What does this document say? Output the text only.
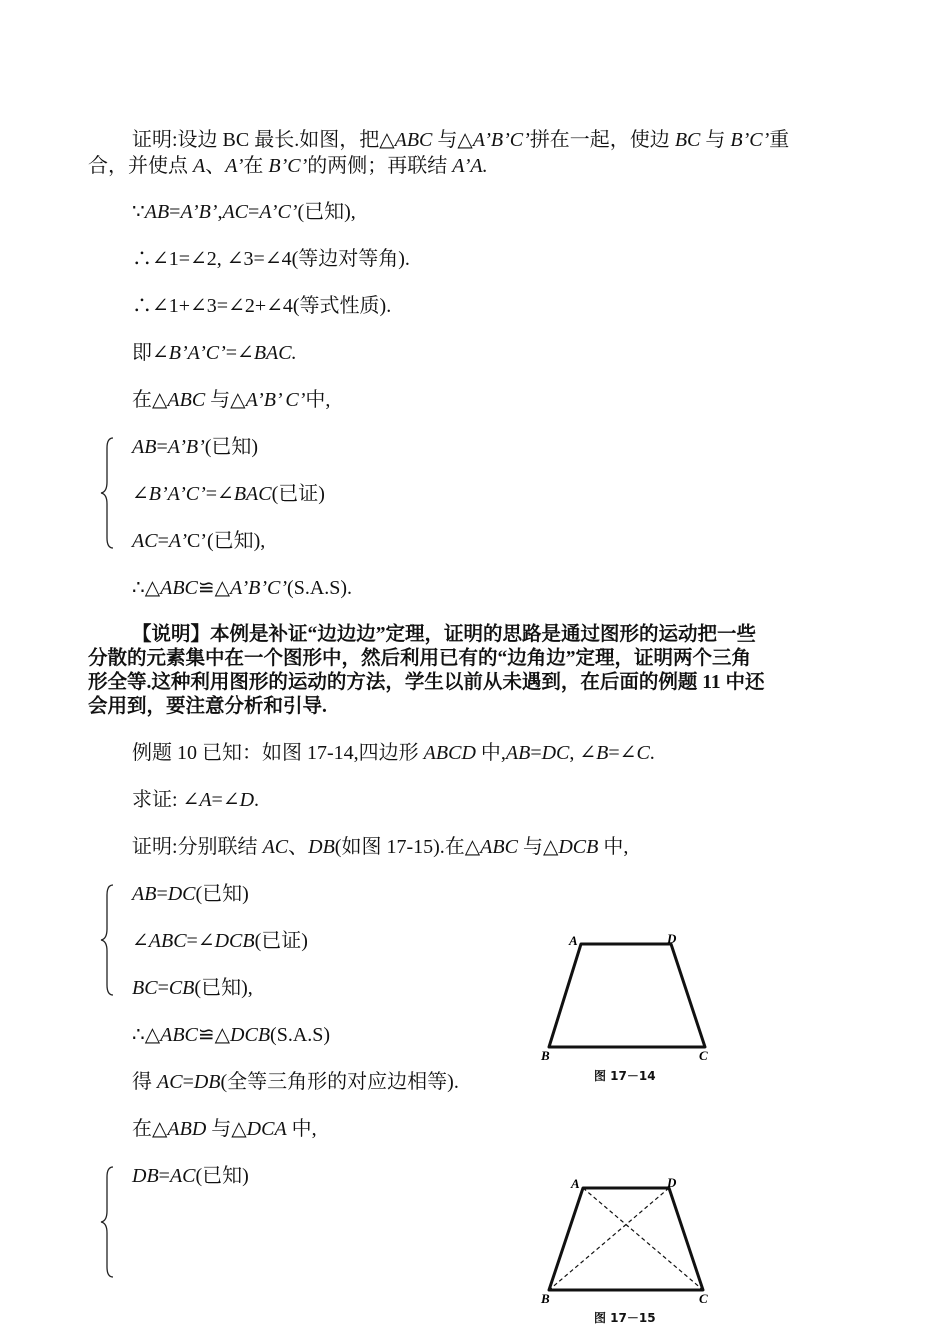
证明:设边 BC 最长.如图，把△ABC 与△A’B’C’拼在一起，使边 BC 与 B’C’重
合，并使点 A、A’在 B’C’的两侧；再联结 A’A.
∵AB=A’B’,AC=A’C’(已知),
∴∠1=∠2, ∠3=∠4(等边对等角).
∴∠1+∠3=∠2+∠4(等式性质).
即∠B’A’C’=∠BAC.
在△ABC 与△A’B’ C’中,
AB=A’B’(已知)
∠B’A’C’=∠BAC(已证)
AC=A’C’(已知),
∴△ABC≌△A’B’C’(S.A.S).
【说明】本例是补证“边边边”定理，证明的思路是通过图形的运动把一些
分散的元素集中在一个图形中，然后利用已有的“边角边”定理，证明两个三角
形全等.这种利用图形的运动的方法，学生以前从未遇到，在后面的例题 11 中还
会用到，要注意分析和引导.
例题 10 已知：如图 17-14,四边形 ABCD 中,AB=DC, ∠B=∠C.
求证: ∠A=∠D.
证明:分别联结 AC、DB(如图 17-15).在△ABC 与△DCB 中,
AB=DC(已知)
∠ABC=∠DCB(已证)
BC=CB(已知),
∴△ABC≌△DCB(S.A.S)
得 AC=DB(全等三角形的对应边相等).
在△ABD 与△DCA 中,
DB=AC(已知)
A	D
B	C
图 17－14
A	D
B	C
图 17－15
